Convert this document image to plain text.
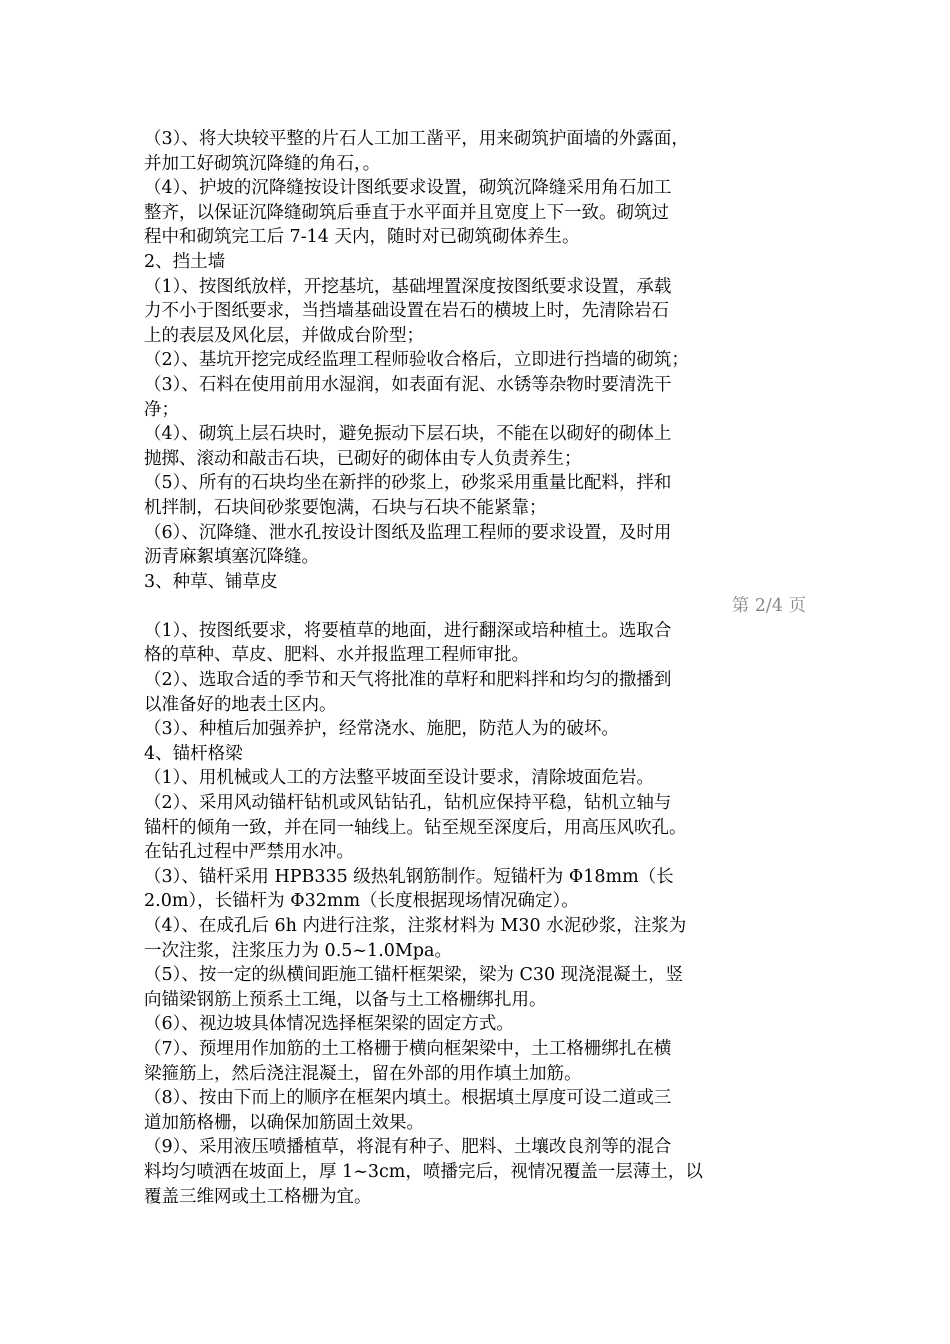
（3）、将大块较平整的片石人工加工凿平，用来砌筑护面墙的外露面，
并加工好砌筑沉降缝的角石，。
（4）、护坡的沉降缝按设计图纸要求设置，砌筑沉降缝采用角石加工
整齐，以保证沉降缝砌筑后垂直于水平面并且宽度上下一致。砌筑过
程中和砌筑完工后 7-14 天内，随时对已砌筑砌体养生。
2、挡土墙
（1）、按图纸放样，开挖基坑，基础埋置深度按图纸要求设置，承载
力不小于图纸要求，当挡墙基础设置在岩石的横坡上时，先清除岩石
上的表层及风化层，并做成台阶型；
（2）、基坑开挖完成经监理工程师验收合格后，立即进行挡墙的砌筑；
（3）、石料在使用前用水湿润，如表面有泥、水锈等杂物时要清洗干
净；
（4）、砌筑上层石块时，避免振动下层石块，不能在以砌好的砌体上
抛掷、滚动和敲击石块，已砌好的砌体由专人负责养生；
（5）、所有的石块均坐在新拌的砂浆上，砂浆采用重量比配料，拌和
机拌制，石块间砂浆要饱满，石块与石块不能紧靠；
（6）、沉降缝、泄水孔按设计图纸及监理工程师的要求设置，及时用
沥青麻絮填塞沉降缝。
3、种草、铺草皮
第 2/4 页
（1）、按图纸要求，将要植草的地面，进行翻深或培种植土。选取合
格的草种、草皮、肥料、水并报监理工程师审批。
（2）、选取合适的季节和天气将批准的草籽和肥料拌和均匀的撒播到
以准备好的地表土区内。
（3）、种植后加强养护，经常浇水、施肥，防范人为的破坏。
4、锚杆格梁
（1）、用机械或人工的方法整平坡面至设计要求，清除坡面危岩。
（2）、采用风动锚杆钻机或风钻钻孔，钻机应保持平稳，钻机立轴与
锚杆的倾角一致，并在同一轴线上。钻至规至深度后，用高压风吹孔。
在钻孔过程中严禁用水冲。
（3）、锚杆采用 HPB335 级热轧钢筋制作。短锚杆为 Φ18mm（长
2.0m），长锚杆为 Φ32mm（长度根据现场情况确定）。
（4）、在成孔后 6h 内进行注浆，注浆材料为 M30 水泥砂浆，注浆为
一次注浆，注浆压力为 0.5~1.0Mpa。
（5）、按一定的纵横间距施工锚杆框架梁，梁为 C30 现浇混凝土，竖
向锚梁钢筋上预系土工绳，以备与土工格栅绑扎用。
（6）、视边坡具体情况选择框架梁的固定方式。
（7）、预埋用作加筋的土工格栅于横向框架梁中，土工格栅绑扎在横
梁箍筋上，然后浇注混凝土，留在外部的用作填土加筋。
（8）、按由下而上的顺序在框架内填土。根据填土厚度可设二道或三
道加筋格栅，以确保加筋固土效果。
（9）、采用液压喷播植草，将混有种子、肥料、土壤改良剂等的混合
料均匀喷洒在坡面上，厚 1~3cm，喷播完后，视情况覆盖一层薄土，以
覆盖三维网或土工格栅为宜。
